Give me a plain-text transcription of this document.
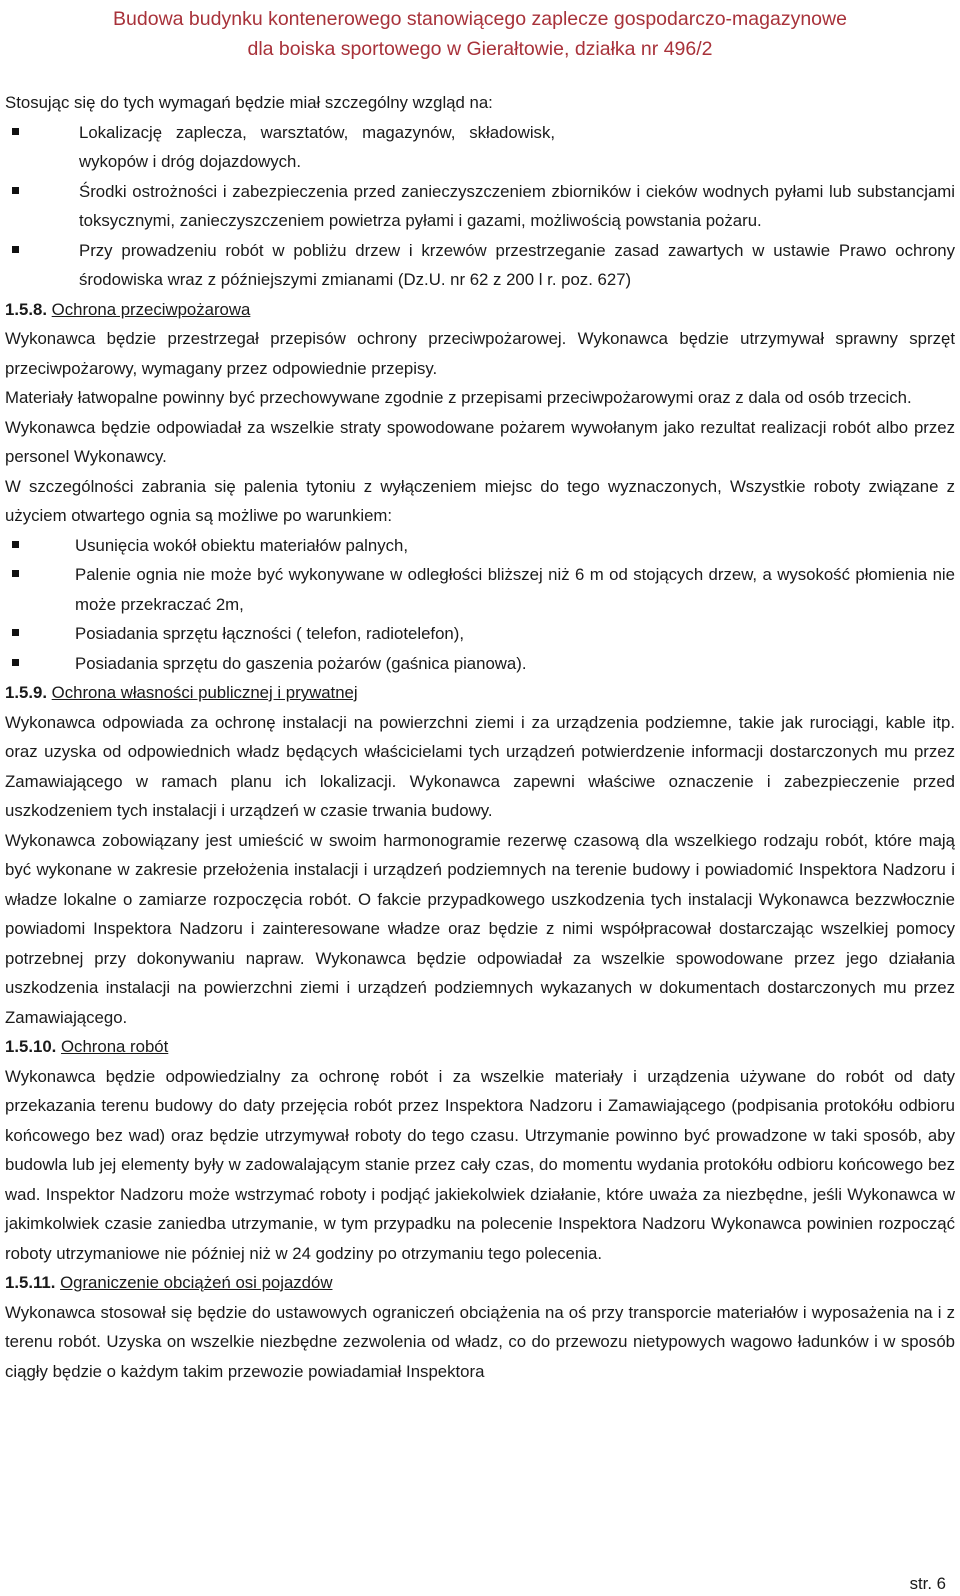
Budowa budynku kontenerowego stanowiącego zaplecze gospodarczo-magazynowe
dla boiska sportowego w Gierałtowie, działka nr 496/2

Stosując się do tych wymagań będzie miał szczególny wzgląd na:

Lokalizację zaplecza, warsztatów, magazynów, składowisk, wykopów i dróg dojazdowych.

Środki ostrożności i zabezpieczenia przed zanieczyszczeniem zbiorników i cieków wodnych pyłami lub substancjami toksycznymi, zanieczyszczeniem powietrza pyłami i gazami, możliwością powstania pożaru.

Przy prowadzeniu robót w pobliżu drzew i krzewów przestrzeganie zasad zawartych w ustawie Prawo ochrony środowiska wraz z późniejszymi zmianami (Dz.U. nr 62 z 200 l r. poz. 627)

1.5.8. Ochrona przeciwpożarowa

Wykonawca będzie przestrzegał przepisów ochrony przeciwpożarowej. Wykonawca będzie utrzymywał sprawny sprzęt przeciwpożarowy, wymagany przez odpowiednie przepisy.

Materiały łatwopalne powinny być przechowywane zgodnie z przepisami przeciwpożarowymi oraz z dala od osób trzecich.

Wykonawca będzie odpowiadał za wszelkie straty spowodowane pożarem wywołanym jako rezultat realizacji robót albo przez personel Wykonawcy.

W szczególności zabrania się palenia tytoniu z wyłączeniem miejsc do tego wyznaczonych, Wszystkie roboty związane z użyciem otwartego ognia są możliwe po warunkiem:

Usunięcia wokół obiektu materiałów palnych,

Palenie ognia nie może być wykonywane w odległości bliższej niż 6 m od stojących drzew, a wysokość płomienia nie może przekraczać 2m,

Posiadania sprzętu łączności ( telefon, radiotelefon),

Posiadania sprzętu do gaszenia pożarów (gaśnica pianowa).

1.5.9. Ochrona własności publicznej i prywatnej

Wykonawca odpowiada za ochronę instalacji na powierzchni ziemi i za urządzenia podziemne, takie jak rurociągi, kable itp. oraz uzyska od odpowiednich władz będących właścicielami tych urządzeń potwierdzenie informacji dostarczonych mu przez Zamawiającego w ramach planu ich lokalizacji. Wykonawca zapewni właściwe oznaczenie i zabezpieczenie przed uszkodzeniem tych instalacji i urządzeń w czasie trwania budowy.

Wykonawca zobowiązany jest umieścić w swoim harmonogramie rezerwę czasową dla wszelkiego rodzaju robót, które mają być wykonane w zakresie przełożenia instalacji i urządzeń podziemnych na terenie budowy i powiadomić Inspektora Nadzoru i władze lokalne o zamiarze rozpoczęcia robót. O fakcie przypadkowego uszkodzenia tych instalacji Wykonawca bezzwłocznie powiadomi Inspektora Nadzoru i zainteresowane władze oraz będzie z nimi współpracował dostarczając wszelkiej pomocy potrzebnej przy dokonywaniu napraw. Wykonawca będzie odpowiadał za wszelkie spowodowane przez jego działania uszkodzenia instalacji na powierzchni ziemi i urządzeń podziemnych wykazanych w dokumentach dostarczonych mu przez Zamawiającego.

1.5.10. Ochrona robót

Wykonawca będzie odpowiedzialny za ochronę robót i za wszelkie materiały i urządzenia używane do robót od daty przekazania terenu budowy do daty przejęcia robót przez Inspektora Nadzoru i Zamawiającego (podpisania protokółu odbioru końcowego bez wad) oraz będzie utrzymywał roboty do tego czasu. Utrzymanie powinno być prowadzone w taki sposób, aby budowla lub jej elementy były w zadowalającym stanie przez cały czas, do momentu wydania protokółu odbioru końcowego bez wad. Inspektor Nadzoru może wstrzymać roboty i podjąć jakiekolwiek działanie, które uważa za niezbędne, jeśli Wykonawca w jakimkolwiek czasie zaniedba utrzymanie, w tym przypadku na polecenie Inspektora Nadzoru Wykonawca powinien rozpocząć roboty utrzymaniowe nie później niż w 24 godziny po otrzymaniu tego polecenia.

1.5.11. Ograniczenie obciążeń osi pojazdów

Wykonawca stosował się będzie do ustawowych ograniczeń obciążenia na oś przy transporcie materiałów i wyposażenia na i z terenu robót. Uzyska on wszelkie niezbędne zezwolenia od władz, co do przewozu nietypowych wagowo ładunków i w sposób ciągły będzie o każdym takim przewozie powiadamiał Inspektora

str. 6
